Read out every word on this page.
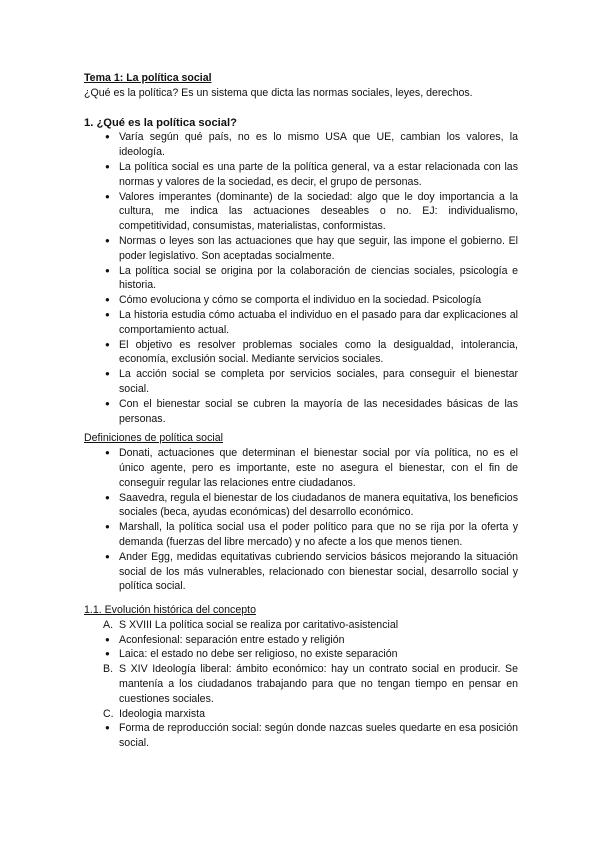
Tema 1: La política social

¿Qué es la política? Es un sistema que dicta las normas sociales, leyes, derechos.

1. ¿Qué es la política social?

● Varía según qué país, no es lo mismo USA que UE, cambian los valores, la ideología.
● La política social es una parte de la política general, va a estar relacionada con las normas y valores de la sociedad, es decir, el grupo de personas.
● Valores imperantes (dominante) de la sociedad: algo que le doy importancia a la cultura, me indica las actuaciones deseables o no. EJ: individualismo, competitividad, consumistas, materialistas, conformistas.
● Normas o leyes son las actuaciones que hay que seguir, las impone el gobierno. El poder legislativo. Son aceptadas socialmente.
● La política social se origina por la colaboración de ciencias sociales, psicología e historia.
● Cómo evoluciona y cómo se comporta el individuo en la sociedad. Psicología
● La historia estudia cómo actuaba el individuo en el pasado para dar explicaciones al comportamiento actual.
● El objetivo es resolver problemas sociales como la desigualdad, intolerancia, economía, exclusión social. Mediante servicios sociales.
● La acción social se completa por servicios sociales, para conseguir el bienestar social.
● Con el bienestar social se cubren la mayoría de las necesidades básicas de las personas.

Definiciones de política social

● Donati, actuaciones que determinan el bienestar social por vía política, no es el único agente, pero es importante, este no asegura el bienestar, con el fin de conseguir regular las relaciones entre ciudadanos.
● Saavedra, regula el bienestar de los ciudadanos de manera equitativa, los beneficios sociales (beca, ayudas económicas) del desarrollo económico.
● Marshall, la política social usa el poder político para que no se rija por la oferta y demanda (fuerzas del libre mercado) y no afecte a los que menos tienen.
● Ander Egg, medidas equitativas cubriendo servicios básicos mejorando la situación social de los más vulnerables, relacionado con bienestar social, desarrollo social y política social.

1.1. Evolución histórica del concepto

A. S XVIII La política social se realiza por caritativo-asistencial
● Aconfesional: separación entre estado y religión
● Laica: el estado no debe ser religioso, no existe separación
B. S XIV Ideología liberal: ámbito económico: hay un contrato social en producir. Se mantenía a los ciudadanos trabajando para que no tengan tiempo en pensar en cuestiones sociales.
C. Ideologia marxista
● Forma de reproducción social: según donde nazcas sueles quedarte en esa posición social.
